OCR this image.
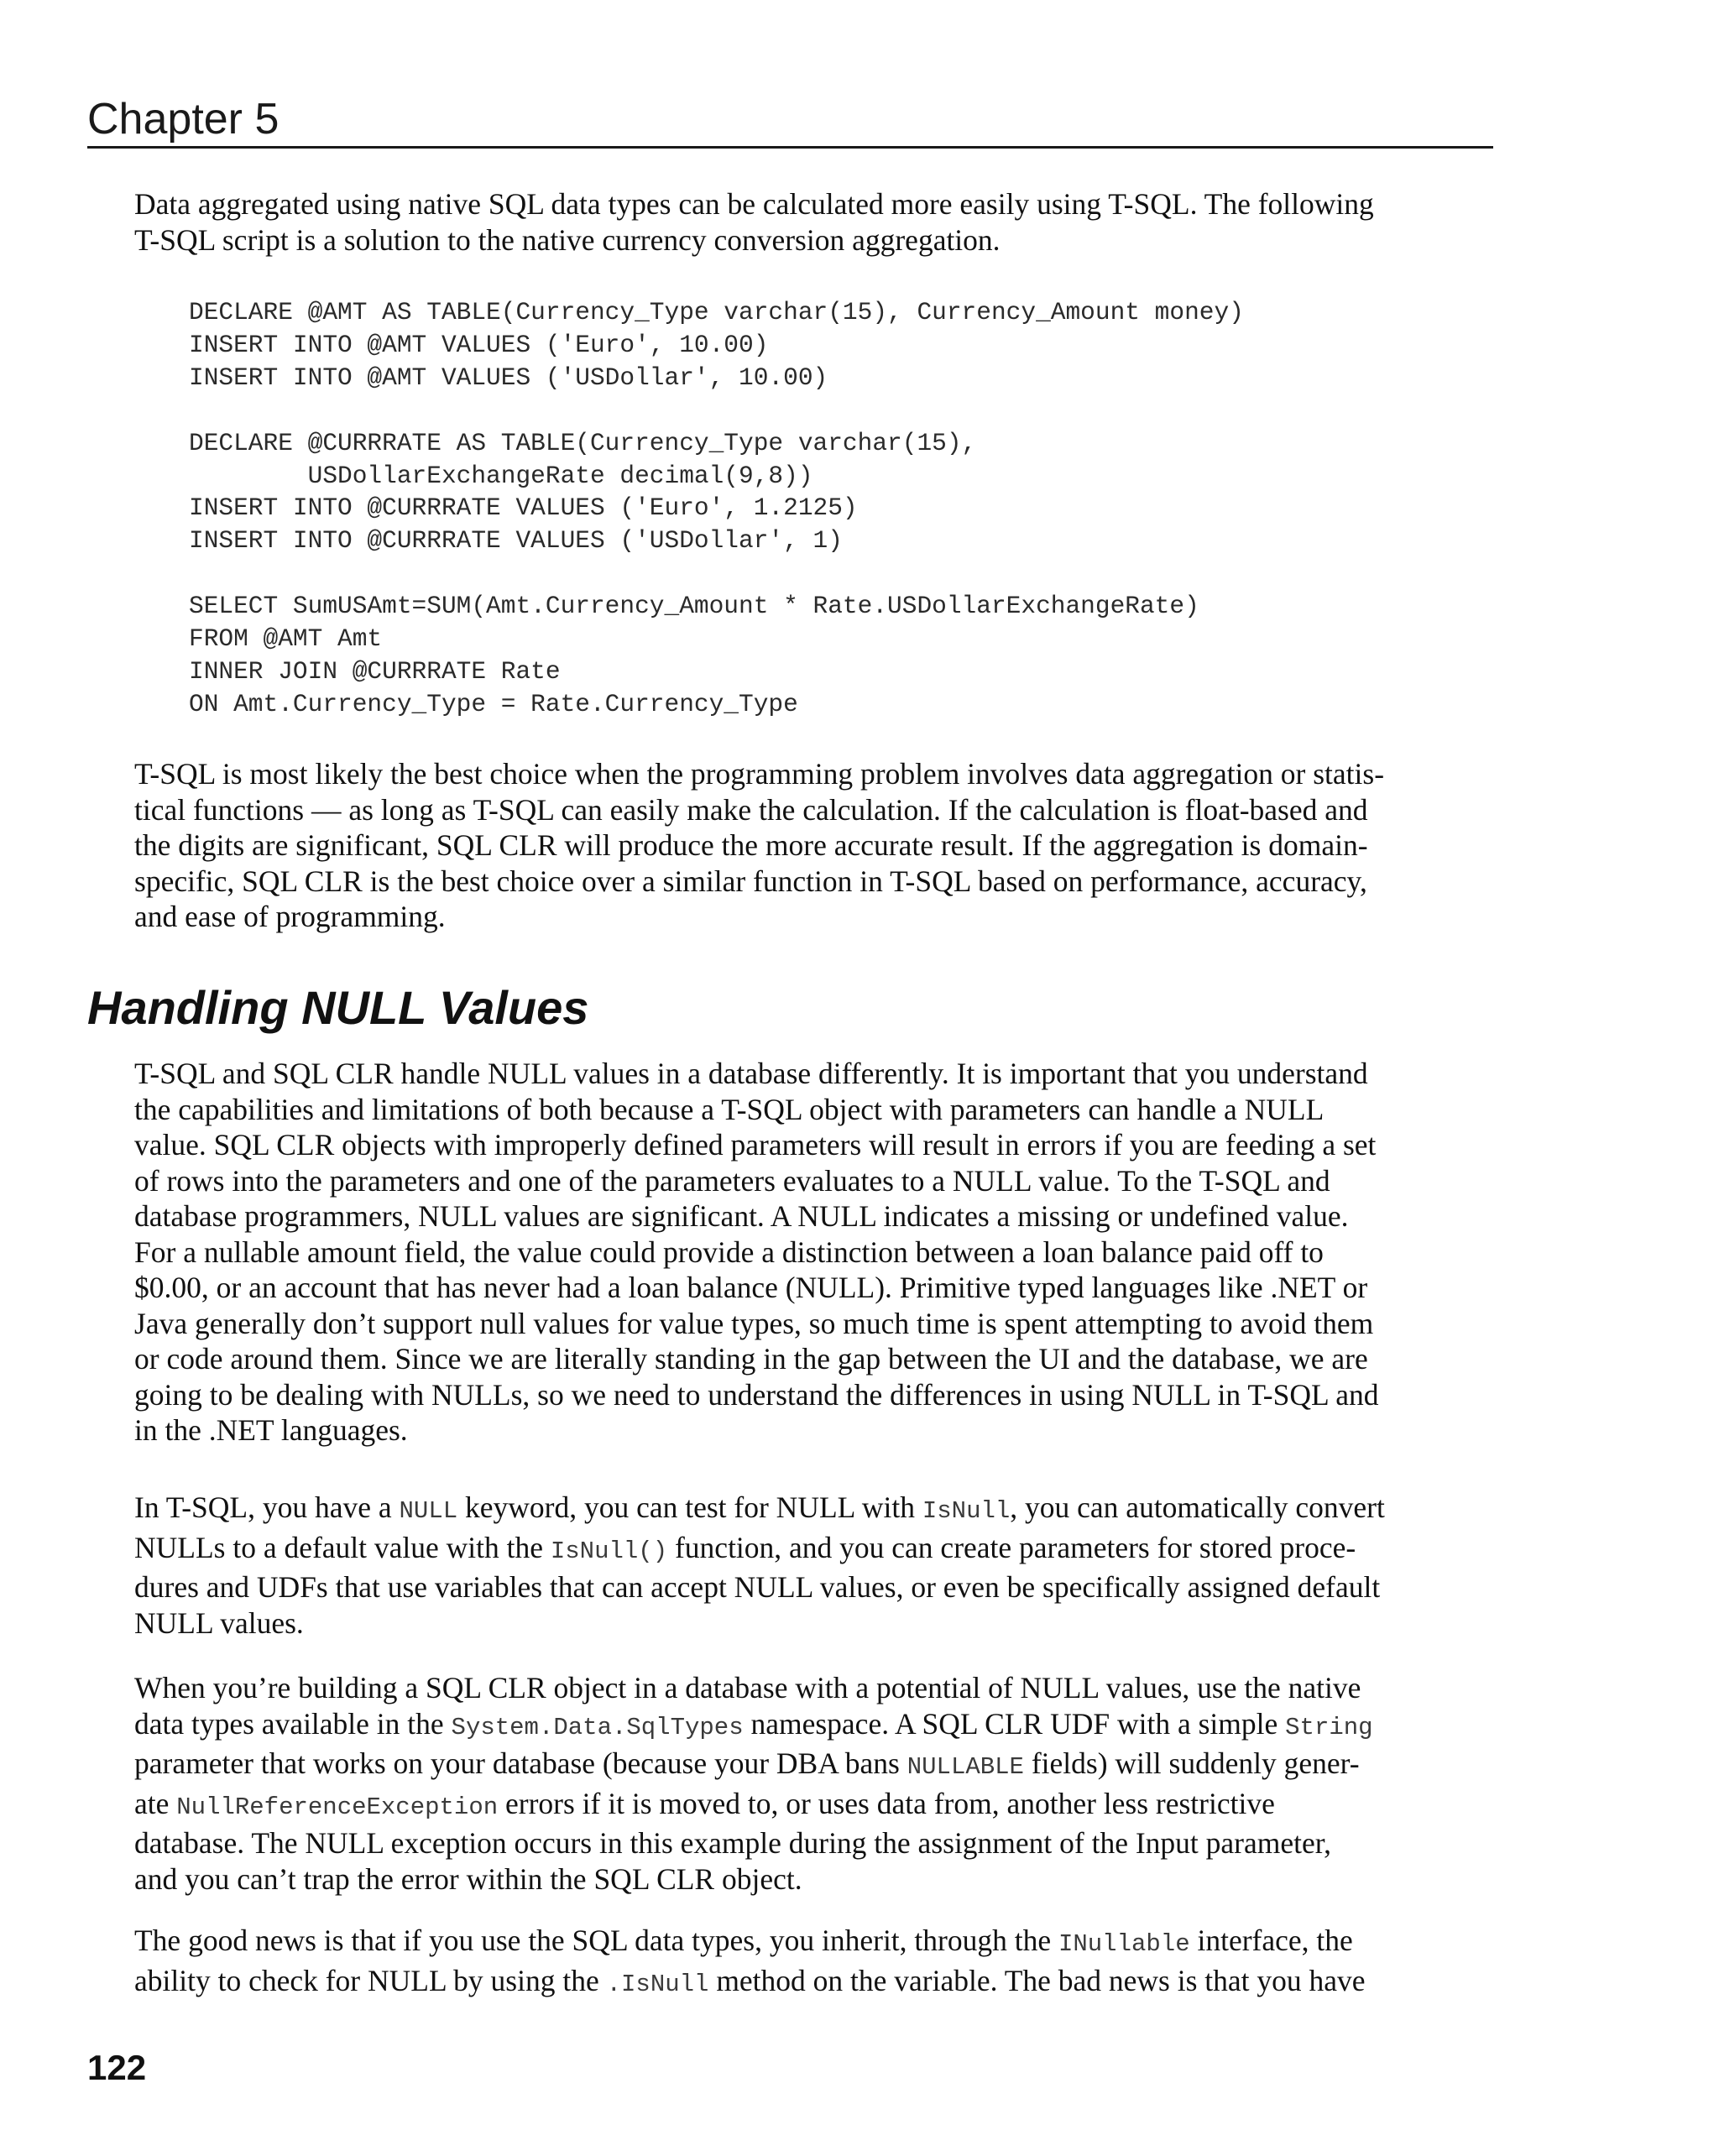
Chapter 5

Data aggregated using native SQL data types can be calculated more easily using T-SQL. The following
T-SQL script is a solution to the native currency conversion aggregation.

DECLARE @AMT AS TABLE(Currency_Type varchar(15), Currency_Amount money)
INSERT INTO @AMT VALUES ('Euro', 10.00)
INSERT INTO @AMT VALUES ('USDollar', 10.00)
DECLARE @CURRRATE AS TABLE(Currency_Type varchar(15),
USDollarExchangeRate decimal(9,8))
INSERT INTO @CURRRATE VALUES ('Euro', 1.2125)
INSERT INTO @CURRRATE VALUES ('USDollar', 1)
SELECT SumUSAmt=SUM(Amt.Currency_Amount * Rate.USDollarExchangeRate)
FROM @AMT Amt
INNER JOIN @CURRRATE Rate
ON Amt.Currency_Type = Rate.Currency_Type

T-SQL is most likely the best choice when the programming problem involves data aggregation or statis-
tical functions — as long as T-SQL can easily make the calculation. If the calculation is float-based and
the digits are significant, SQL CLR will produce the more accurate result. If the aggregation is domain-
specific, SQL CLR is the best choice over a similar function in T-SQL based on performance, accuracy,
and ease of programming.

Handling NULL Values

T-SQL and SQL CLR handle NULL values in a database differently. It is important that you understand
the capabilities and limitations of both because a T-SQL object with parameters can handle a NULL
value. SQL CLR objects with improperly defined parameters will result in errors if you are feeding a set
of rows into the parameters and one of the parameters evaluates to a NULL value. To the T-SQL and
database programmers, NULL values are significant. A NULL indicates a missing or undefined value.
For a nullable amount field, the value could provide a distinction between a loan balance paid off to
$0.00, or an account that has never had a loan balance (NULL). Primitive typed languages like .NET or
Java generally don’t support null values for value types, so much time is spent attempting to avoid them
or code around them. Since we are literally standing in the gap between the UI and the database, we are
going to be dealing with NULLs, so we need to understand the differences in using NULL in T-SQL and
in the .NET languages.

In T-SQL, you have a NULL keyword, you can test for NULL with IsNull, you can automatically convert
NULLs to a default value with the IsNull() function, and you can create parameters for stored proce-
dures and UDFs that use variables that can accept NULL values, or even be specifically assigned default
NULL values.

When you’re building a SQL CLR object in a database with a potential of NULL values, use the native
data types available in the System.Data.SqlTypes namespace. A SQL CLR UDF with a simple String
parameter that works on your database (because your DBA bans NULLABLE fields) will suddenly gener-
ate NullReferenceException errors if it is moved to, or uses data from, another less restrictive
database. The NULL exception occurs in this example during the assignment of the Input parameter,
and you can’t trap the error within the SQL CLR object.

The good news is that if you use the SQL data types, you inherit, through the INullable interface, the
ability to check for NULL by using the .IsNull method on the variable. The bad news is that you have

122
